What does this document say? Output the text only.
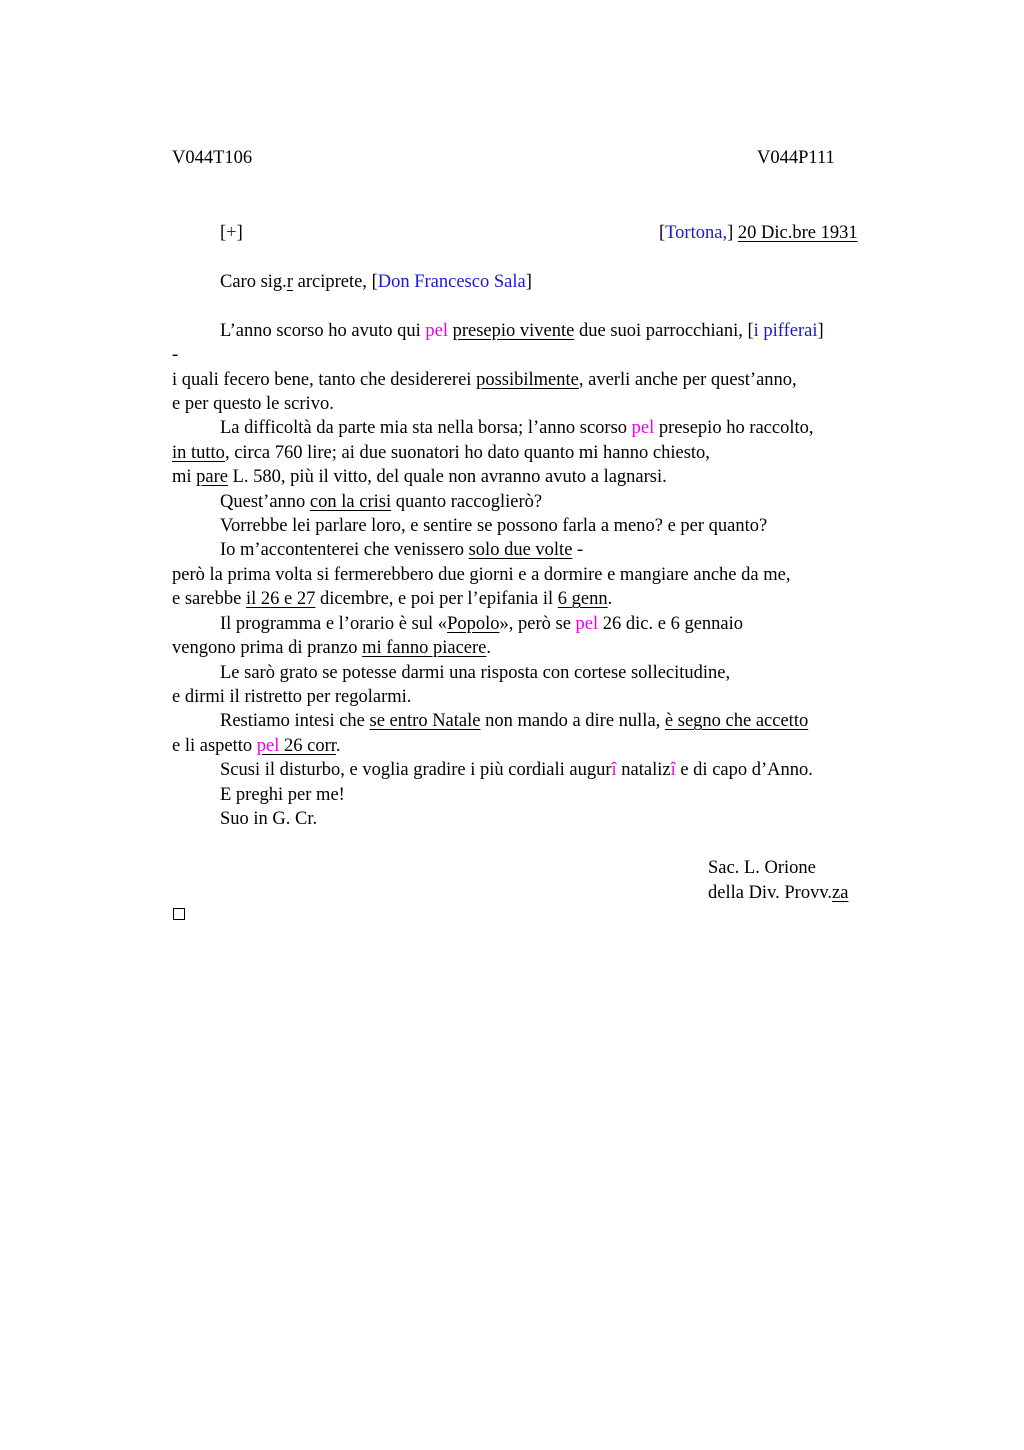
V044T106	V044P111
[+]	[Tortona,] 20 Dic.bre 1931
Caro sig.r arciprete, [Don Francesco Sala]
L’anno scorso ho avuto qui pel presepio vivente due suoi parrocchiani, [i pifferai]
-
i quali fecero bene, tanto che desidererei possibilmente, averli anche per quest’anno,
e per questo le scrivo.
La difficoltà da parte mia sta nella borsa; l’anno scorso pel presepio ho raccolto,
in tutto, circa 760 lire; ai due suonatori ho dato quanto mi hanno chiesto,
mi pare L. 580, più il vitto, del quale non avranno avuto a lagnarsi.
Quest’anno con la crisi quanto raccoglierò?
Vorrebbe lei parlare loro, e sentire se possono farla a meno? e per quanto?
Io m’accontenterei che venissero solo due volte -
però la prima volta si fermerebbero due giorni e a dormire e mangiare anche da me,
e sarebbe il 26 e 27 dicembre, e poi per l’epifania il 6 genn.
Il programma e l’orario è sul «Popolo», però se pel 26 dic. e 6 gennaio
vengono prima di pranzo mi fanno piacere.
Le sarò grato se potesse darmi una risposta con cortese sollecitudine,
e dirmi il ristretto per regolarmi.
Restiamo intesi che se entro Natale non mando a dire nulla, è segno che accetto
e li aspetto pel 26 corr.
Scusi il disturbo, e voglia gradire i più cordiali augurî natalizî e di capo d’Anno.
E preghi per me!
Suo in G. Cr.
Sac. L. Orione
della Div. Provv.za
